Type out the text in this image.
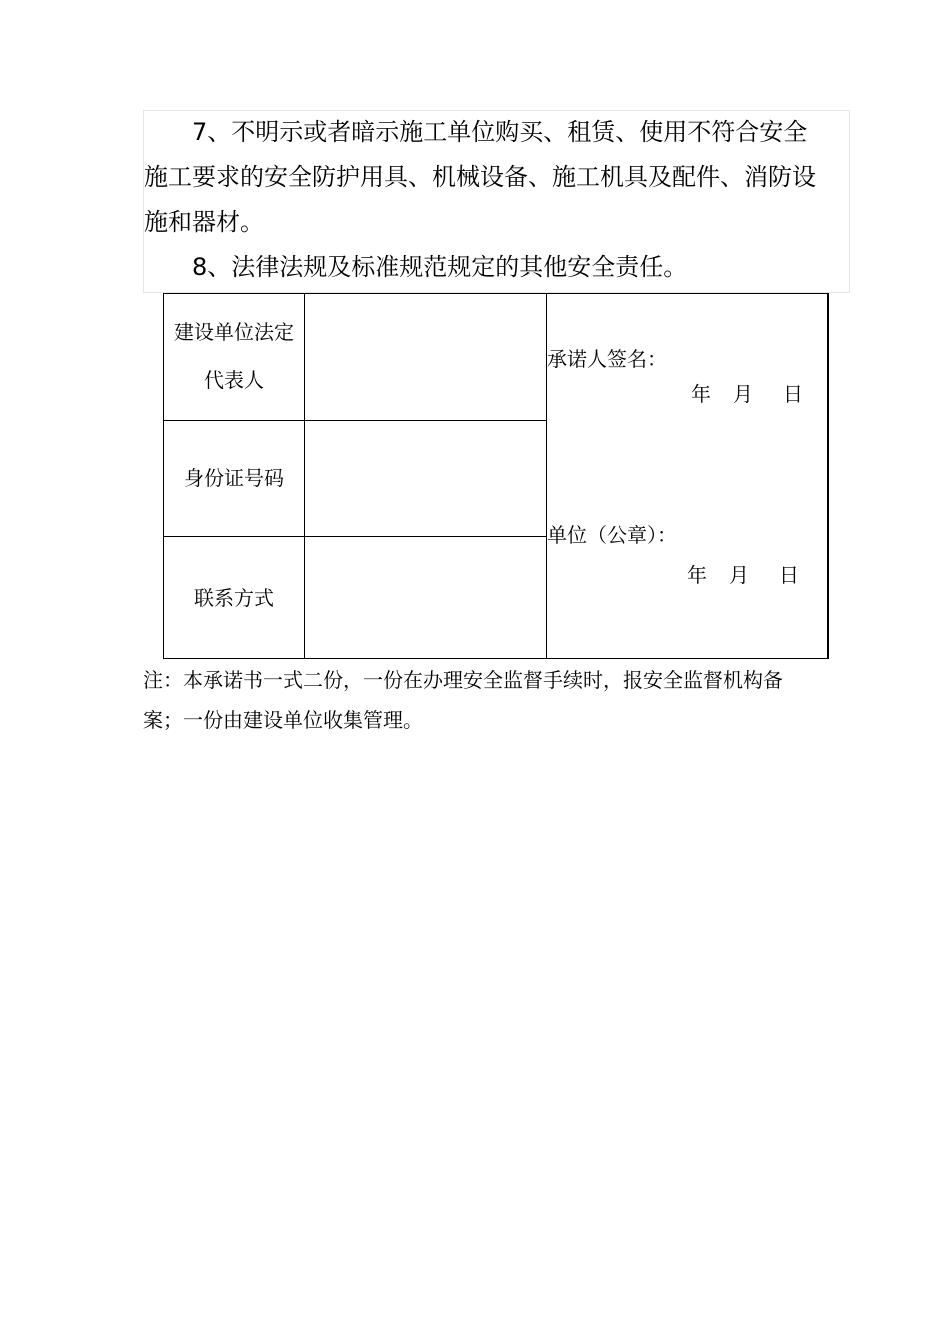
7、不明示或者暗示施工单位购买、租赁、使用不符合安全
施工要求的安全防护用具、机械设备、施工机具及配件、消防设
施和器材。

8、法律法规及标准规范规定的其他安全责任。

建设单位法定
代表人
身份证号码
联系方式
承诺人签名：
年 月 日
单位（公章）：
年 月 日

注：本承诺书一式二份，一份在办理安全监督手续时，报安全监督机构备
案；一份由建设单位收集管理。
